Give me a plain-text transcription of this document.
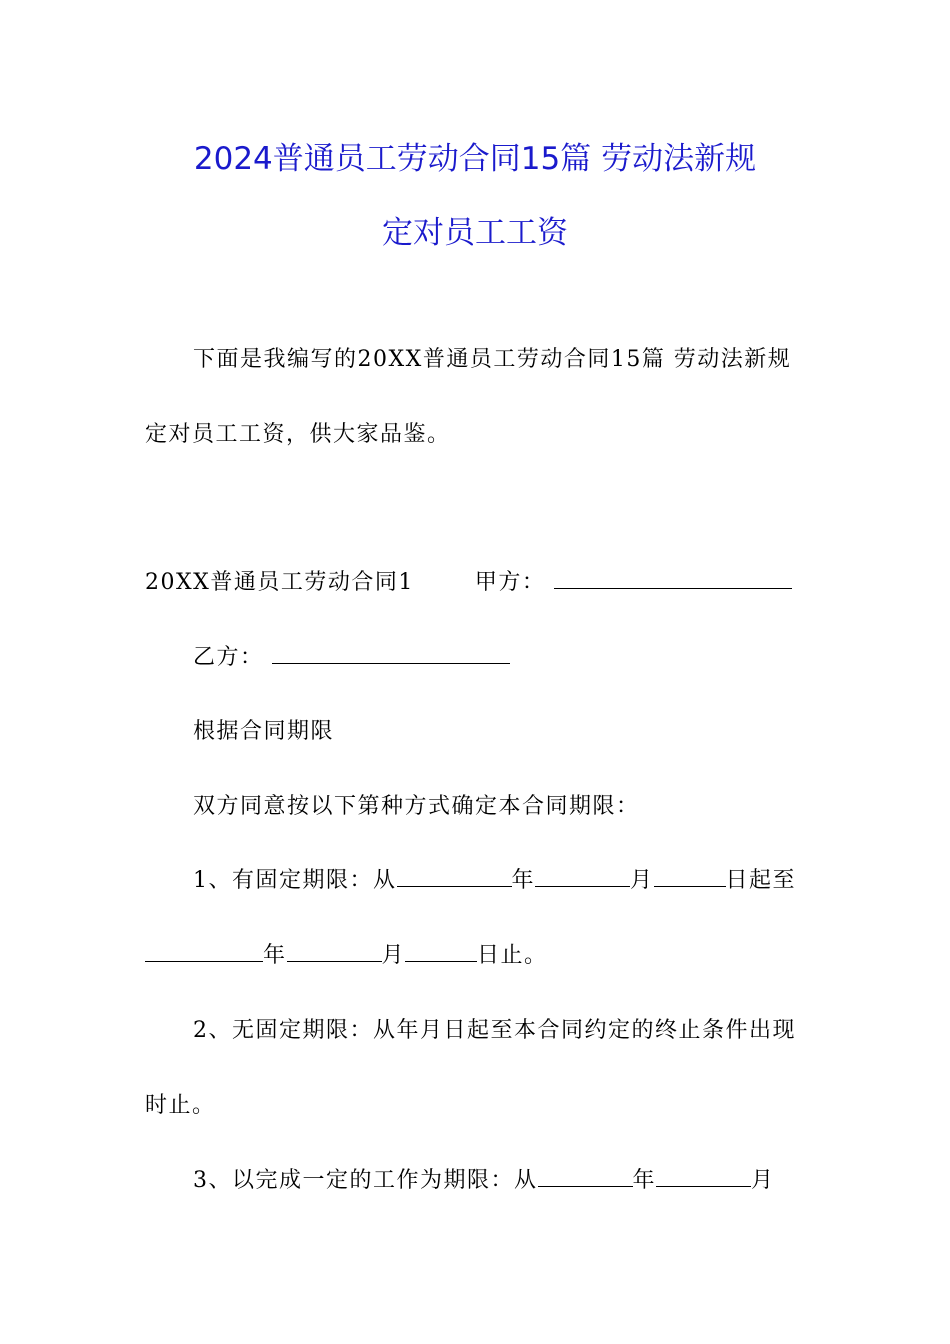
2024普通员工劳动合同15篇 劳动法新规
定对员工工资
下面是我编写的20XX普通员工劳动合同15篇 劳动法新规
定对员工工资，供大家品鉴。
20XX普通员工劳动合同1	甲方：
乙方：
根据合同期限
双方同意按以下第种方式确定本合同期限：
1、有固定期限：从	年	月	日起至
年	月	日止。
2、无固定期限：从年月日起至本合同约定的终止条件出现
时止。
3、以完成一定的工作为期限：从	年	月
